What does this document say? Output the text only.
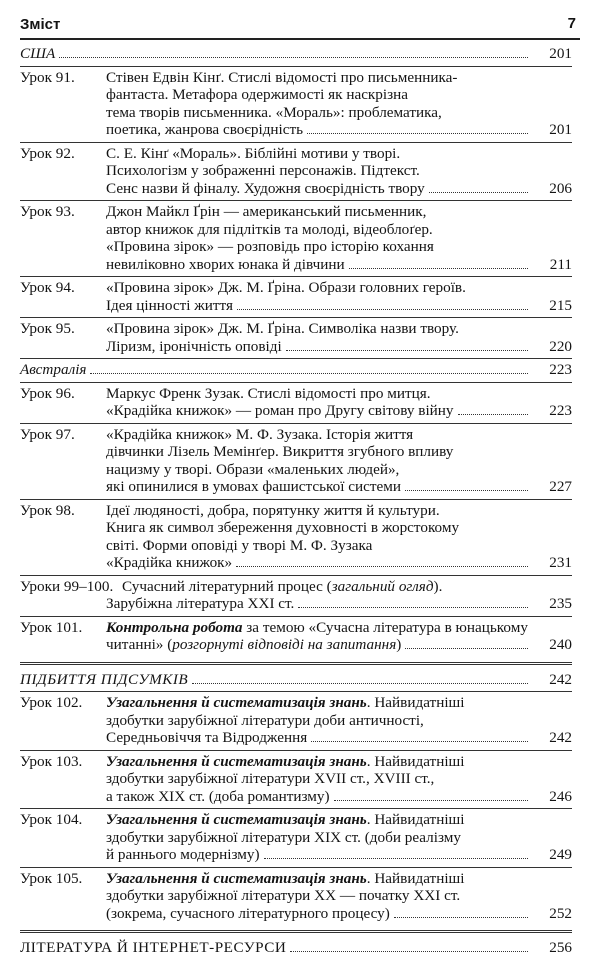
Зміст	7
США	201
Урок 91. Стівен Едвін Кінґ. Стислі відомості про письменника-
фантаста. Метафора одержимості як наскрізна
тема творів письменника. «Мораль»: проблематика,
поетика, жанрова своєрідність	201
Урок 92. С. Е. Кінґ «Мораль». Біблійні мотиви у творі.
Психологізм у зображенні персонажів. Підтекст.
Сенс назви й фіналу. Художня своєрідність твору	206
Урок 93. Джон Майкл Ґрін — американський письменник,
автор книжок для підлітків та молоді, відеоблоґер.
«Провина зірок» — розповідь про історію кохання
невиліковно хворих юнака й дівчини	211
Урок 94. «Провина зірок» Дж. М. Ґріна. Образи головних героїв.
Ідея цінності життя	215
Урок 95. «Провина зірок» Дж. М. Ґріна. Символіка назви твору.
Ліризм, іронічність оповіді	220
Австралія	223
Урок 96. Маркус Френк Зузак. Стислі відомості про митця.
«Крадійка книжок» — роман про Другу світову війну	223
Урок 97. «Крадійка книжок» М. Ф. Зузака. Історія життя
дівчинки Лізель Мемінґер. Викриття згубного впливу
нацизму у творі. Образи «маленьких людей»,
які опинилися в умовах фашистської системи	227
Урок 98. Ідеї людяності, добра, порятунку життя й культури.
Книга як символ збереження духовності в жорстокому
світі. Форми оповіді у творі М. Ф. Зузака
«Крадійка книжок»	231
Уроки 99–100. Сучасний літературний процес (загальний огляд).
Зарубіжна література XXI ст.	235
Урок 101. Контрольна робота за темою «Сучасна література в юнацькому
читанні» (розгорнуті відповіді на запитання)	240
ПІДБИТТЯ ПІДСУМКІВ	242
Урок 102. Узагальнення й систематизація знань. Найвидатніші
здобутки зарубіжної літератури доби античності,
Середньовіччя та Відродження	242
Урок 103. Узагальнення й систематизація знань. Найвидатніші
здобутки зарубіжної літератури XVII ст., XVIII ст.,
а також XIX ст. (доба романтизму)	246
Урок 104. Узагальнення й систематизація знань. Найвидатніші
здобутки зарубіжної літератури XIX ст. (доби реалізму
й раннього модернізму)	249
Урок 105. Узагальнення й систематизація знань. Найвидатніші
здобутки зарубіжної літератури XX — початку XXI ст.
(зокрема, сучасного літературного процесу)	252
ЛІТЕРАТУРА Й ІНТЕРНЕТ-РЕСУРСИ	256
